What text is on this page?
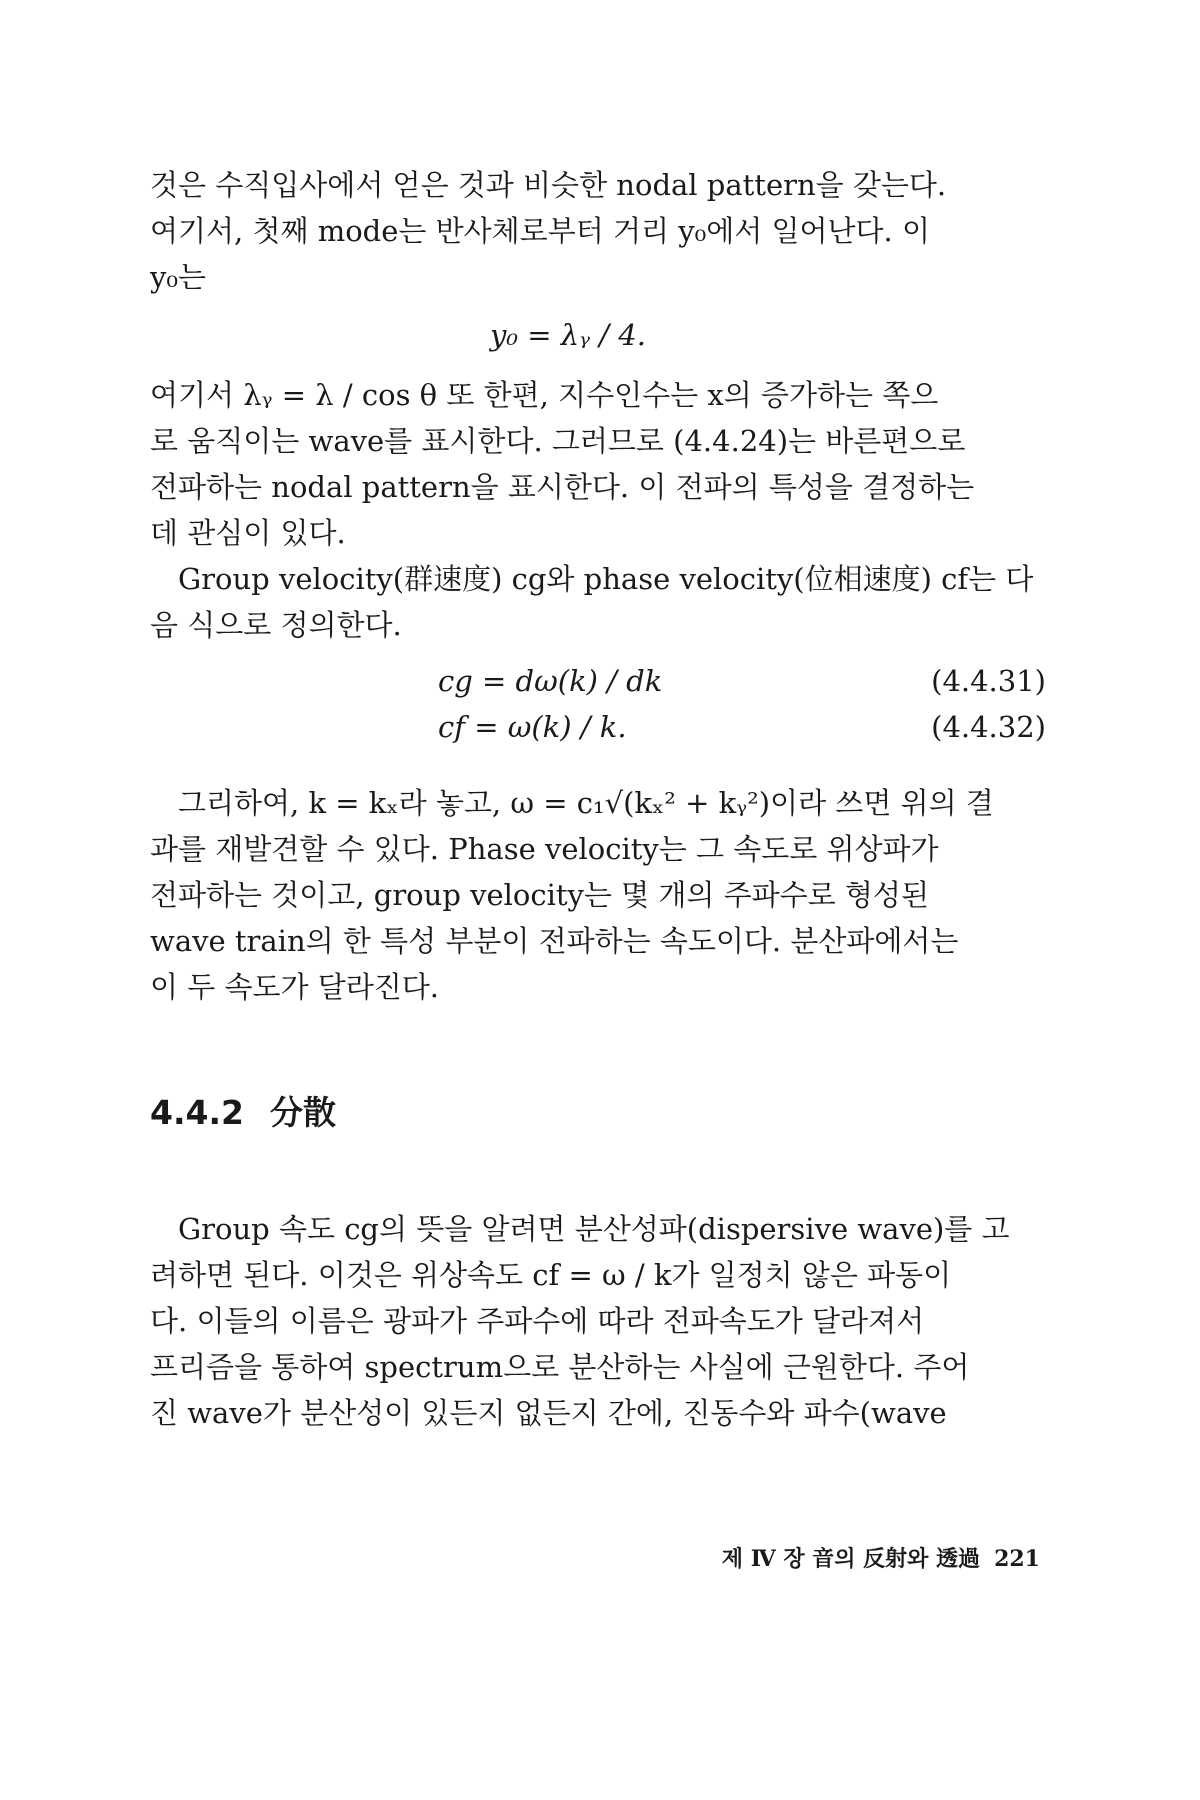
것은 수직입사에서 얻은 것과 비슷한 nodal pattern을 갖는다.
여기서, 첫째 mode는 반사체로부터 거리 y₀에서 일어난다. 이
y₀는

y₀ = λᵧ / 4.

여기서 λᵧ = λ / cos θ 또 한편, 지수인수는 x의 증가하는 쪽으
로 움직이는 wave를 표시한다. 그러므로 (4.4.24)는 바른편으로
전파하는 nodal pattern을 표시한다. 이 전파의 특성을 결정하는
데 관심이 있다.

Group velocity(群速度) cg와 phase velocity(位相速度) cf는 다
음 식으로 정의한다.

cg = dω(k) / dk	(4.4.31)
cf = ω(k) / k.	(4.4.32)

그리하여, k = kₓ라 놓고, ω = c₁√(kₓ² + kᵧ²)이라 쓰면 위의 결
과를 재발견할 수 있다. Phase velocity는 그 속도로 위상파가
전파하는 것이고, group velocity는 몇 개의 주파수로 형성된
wave train의 한 특성 부분이 전파하는 속도이다. 분산파에서는
이 두 속도가 달라진다.

4.4.2 分散

Group 속도 cg의 뜻을 알려면 분산성파(dispersive wave)를 고
려하면 된다. 이것은 위상속도 cf = ω / k가 일정치 않은 파동이
다. 이들의 이름은 광파가 주파수에 따라 전파속도가 달라져서
프리즘을 통하여 spectrum으로 분산하는 사실에 근원한다. 주어
진 wave가 분산성이 있든지 없든지 간에, 진동수와 파수(wave

제 Ⅳ 장 音의 反射와 透過 221
